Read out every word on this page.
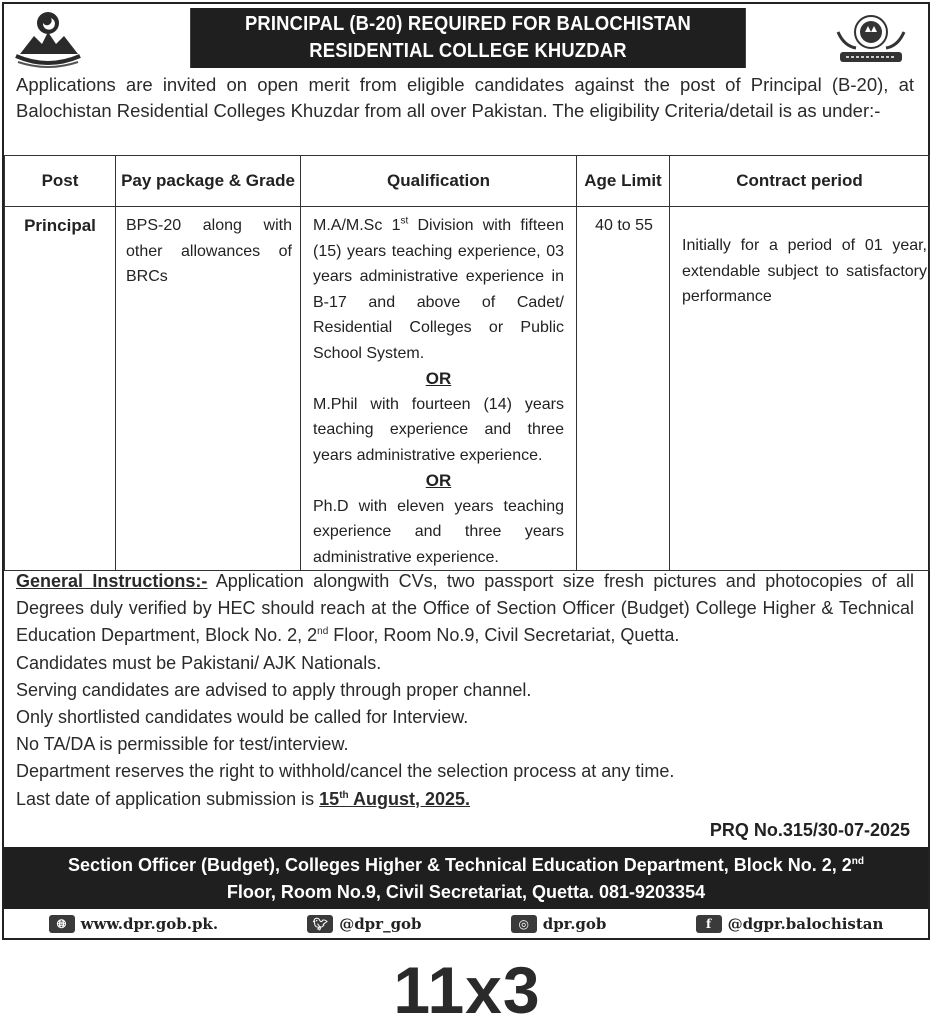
PRINCIPAL (B-20) REQUIRED FOR BALOCHISTAN
RESIDENTIAL COLLEGE KHUZDAR
Applications are invited on open merit from eligible candidates against the post of Principal (B-20), at Balochistan Residential Colleges Khuzdar from all over Pakistan. The eligibility Criteria/detail is as under:-
Post	Pay package & Grade	Qualification	Age Limit	Contract period

Principal	BPS-20 along with other allowances of BRCs	M.A/M.Sc 1st Division with fifteen (15) years teaching experience, 03 years administrative experience in B-17 and above of Cadet/ Residential Colleges or Public School System.
OR
M.Phil with fourteen (14) years teaching experience and three years administrative experience.
OR
Ph.D with eleven years teaching experience and three years administrative experience.	40 to 55	Initially for a period of 01 year, extendable subject to satisfactory performance

General Instructions:- Application alongwith CVs, two passport size fresh pictures and photocopies of all Degrees duly verified by HEC should reach at the Office of Section Officer (Budget) College Higher & Technical Education Department, Block No. 2, 2nd Floor, Room No.9, Civil Secretariat, Quetta.

Candidates must be Pakistani/ AJK Nationals.

Serving candidates are advised to apply through proper channel.

Only shortlisted candidates would be called for Interview.

No TA/DA is permissible for test/interview.

Department reserves the right to withhold/cancel the selection process at any time.

Last date of application submission is 15th August, 2025.

PRQ No.315/30-07-2025
Section Officer (Budget), Colleges Higher & Technical Education Department, Block No. 2, 2nd
Floor, Room No.9, Civil Secretariat, Quetta. 081-9203354
🌐︎ www.dpr.gob.pk.	🐦︎ @dpr_gob	◎ dpr.gob	f	@dgpr.balochistan
11x3
